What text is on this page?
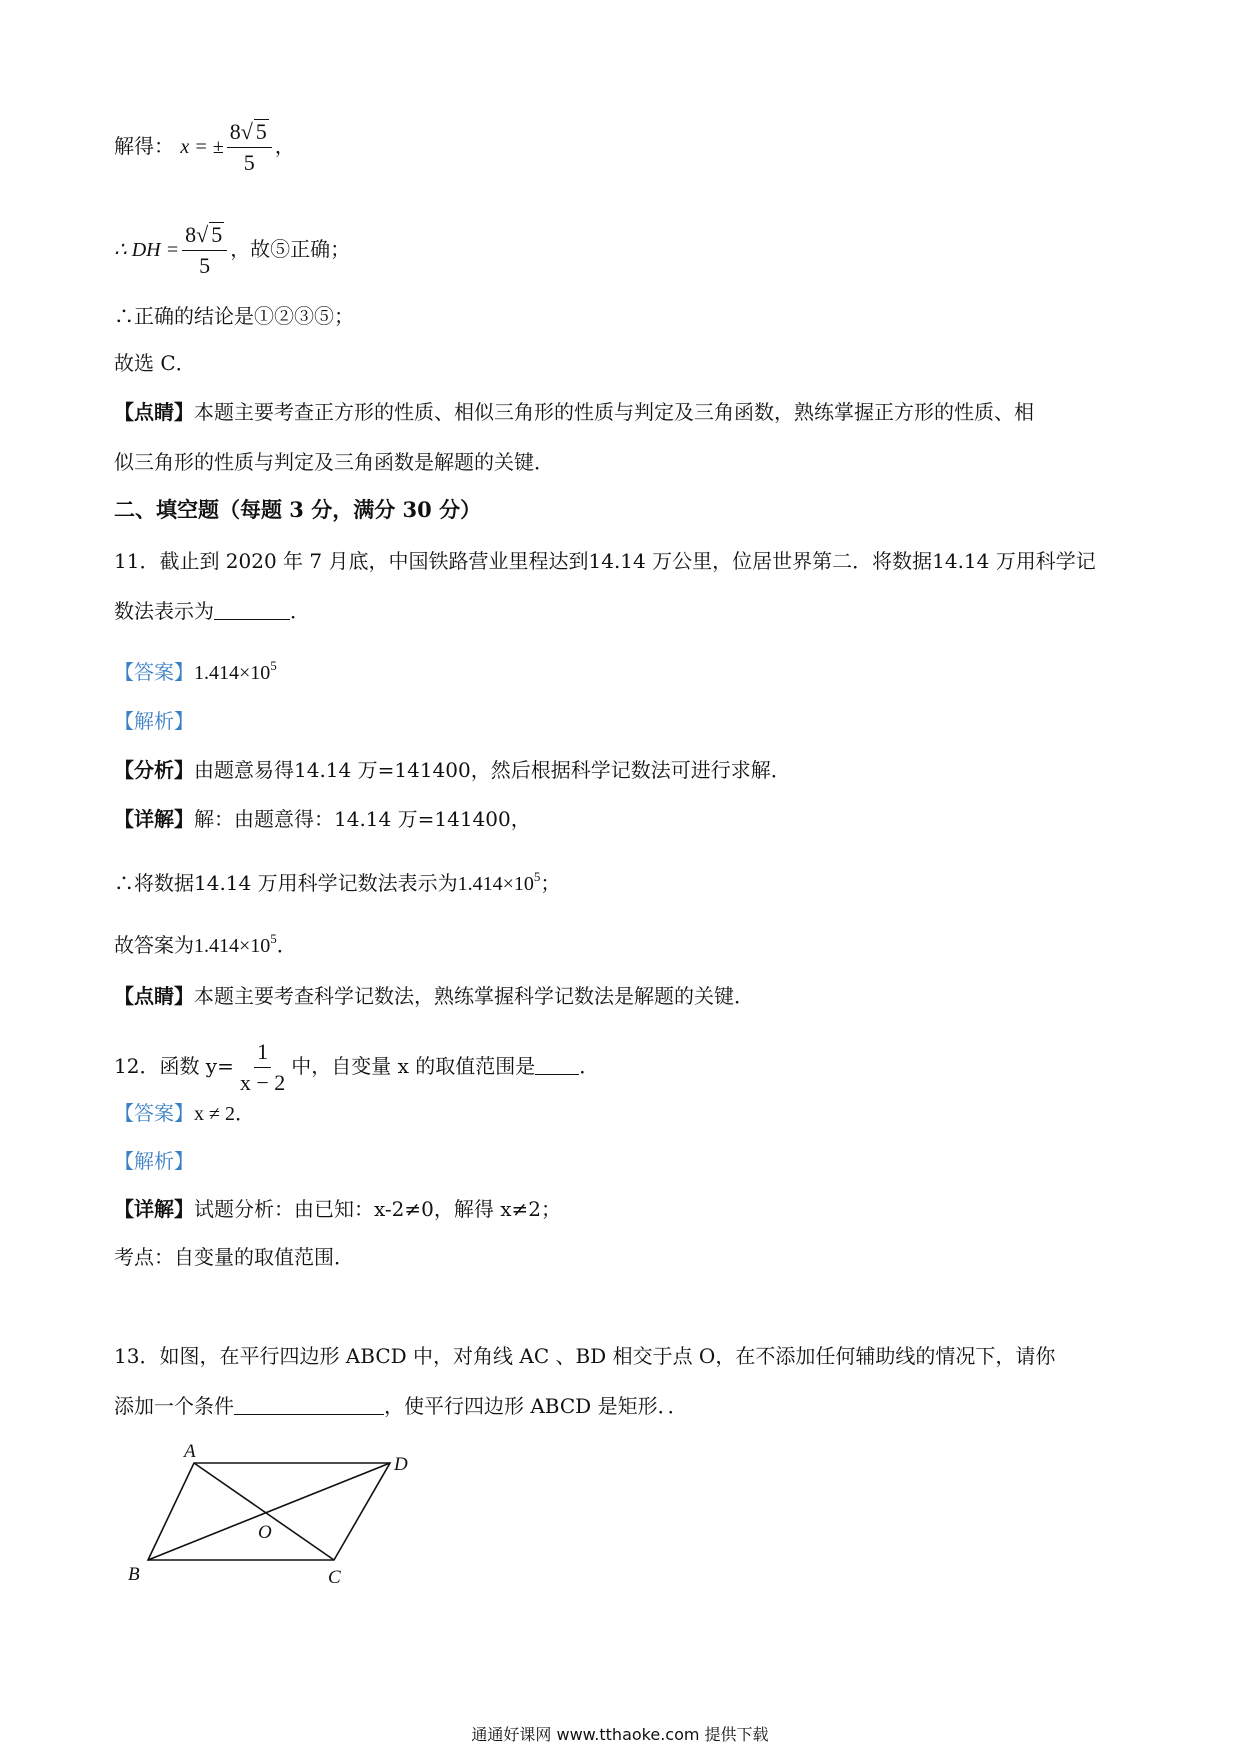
解得： x = ± $\frac{8√ 5}{5}$ ，
∴ DH = $\frac{8√ 5}{5}$ ，故⑤正确；
∴正确的结论是①②③⑤；
故选 C．
【点睛】本题主要考查正方形的性质、相似三角形的性质与判定及三角函数，熟练掌握正方形的性质、相
似三角形的性质与判定及三角函数是解题的关键．
二、填空题（每题 3 分，满分 30 分）
11．截止到 2020 年 7 月底，中国铁路营业里程达到14.14 万公里，位居世界第二．将数据14.14 万用科学记
数法表示为	．
【答案】$1.414\times 10^5$
【解析】
【分析】由题意易得14.14 万=141400，然后根据科学记数法可进行求解．
【详解】解：由题意得：14.14 万=141400，
∴将数据14.14 万用科学记数法表示为$1.414\times 10^5$；
故答案为$1.414\times 10^5$．
【点睛】本题主要考查科学记数法，熟练掌握科学记数法是解题的关键．
12．函数 $y= \frac{1}{x - 2}$ 中，自变量 x 的取值范围是 ．
【答案】x ≠ 2．
【解析】
【详解】试题分析：由已知：x-2≠0，解得 x≠2；
考点：自变量的取值范围．
13．如图，在平行四边形 ABCD 中，对角线 AC 、BD 相交于点 O，在不添加任何辅助线的情况下，请你
添加一个条件	，使平行四边形 ABCD 是矩形．．
A
D
B	C
O
通通好课网 www.tthaoke.com 提供下载
